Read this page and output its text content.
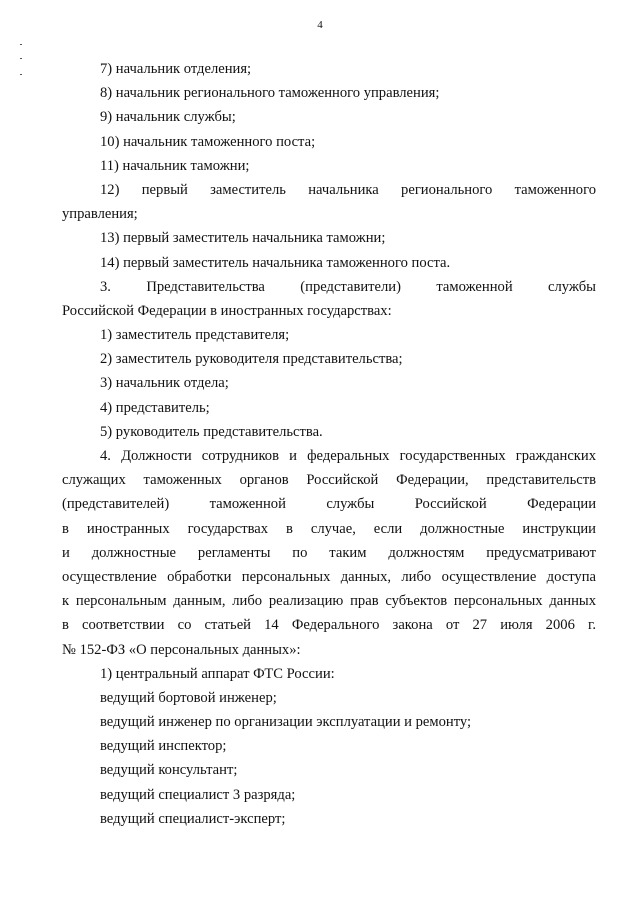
4
7) начальник отделения;
8) начальник регионального таможенного управления;
9) начальник службы;
10) начальник таможенного поста;
11) начальник таможни;
12) первый заместитель начальника регионального таможенного
управления;
13) первый заместитель начальника таможни;
14) первый заместитель начальника таможенного поста.
3. Представительства (представители) таможенной службы
Российской Федерации в иностранных государствах:
1) заместитель представителя;
2) заместитель руководителя представительства;
3) начальник отдела;
4) представитель;
5) руководитель представительства.
4. Должности сотрудников и федеральных государственных гражданских
служащих таможенных органов Российской Федерации, представительств
(представителей) таможенной службы Российской Федерации
в иностранных государствах в случае, если должностные инструкции
и должностные регламенты по таким должностям предусматривают
осуществление обработки персональных данных, либо осуществление доступа
к персональным данным, либо реализацию прав субъектов персональных данных
в соответствии со статьей 14 Федерального закона от 27 июля 2006 г.
№ 152-ФЗ «О персональных данных»:
1) центральный аппарат ФТС России:
ведущий бортовой инженер;
ведущий инженер по организации эксплуатации и ремонту;
ведущий инспектор;
ведущий консультант;
ведущий специалист 3 разряда;
ведущий специалист-эксперт;
